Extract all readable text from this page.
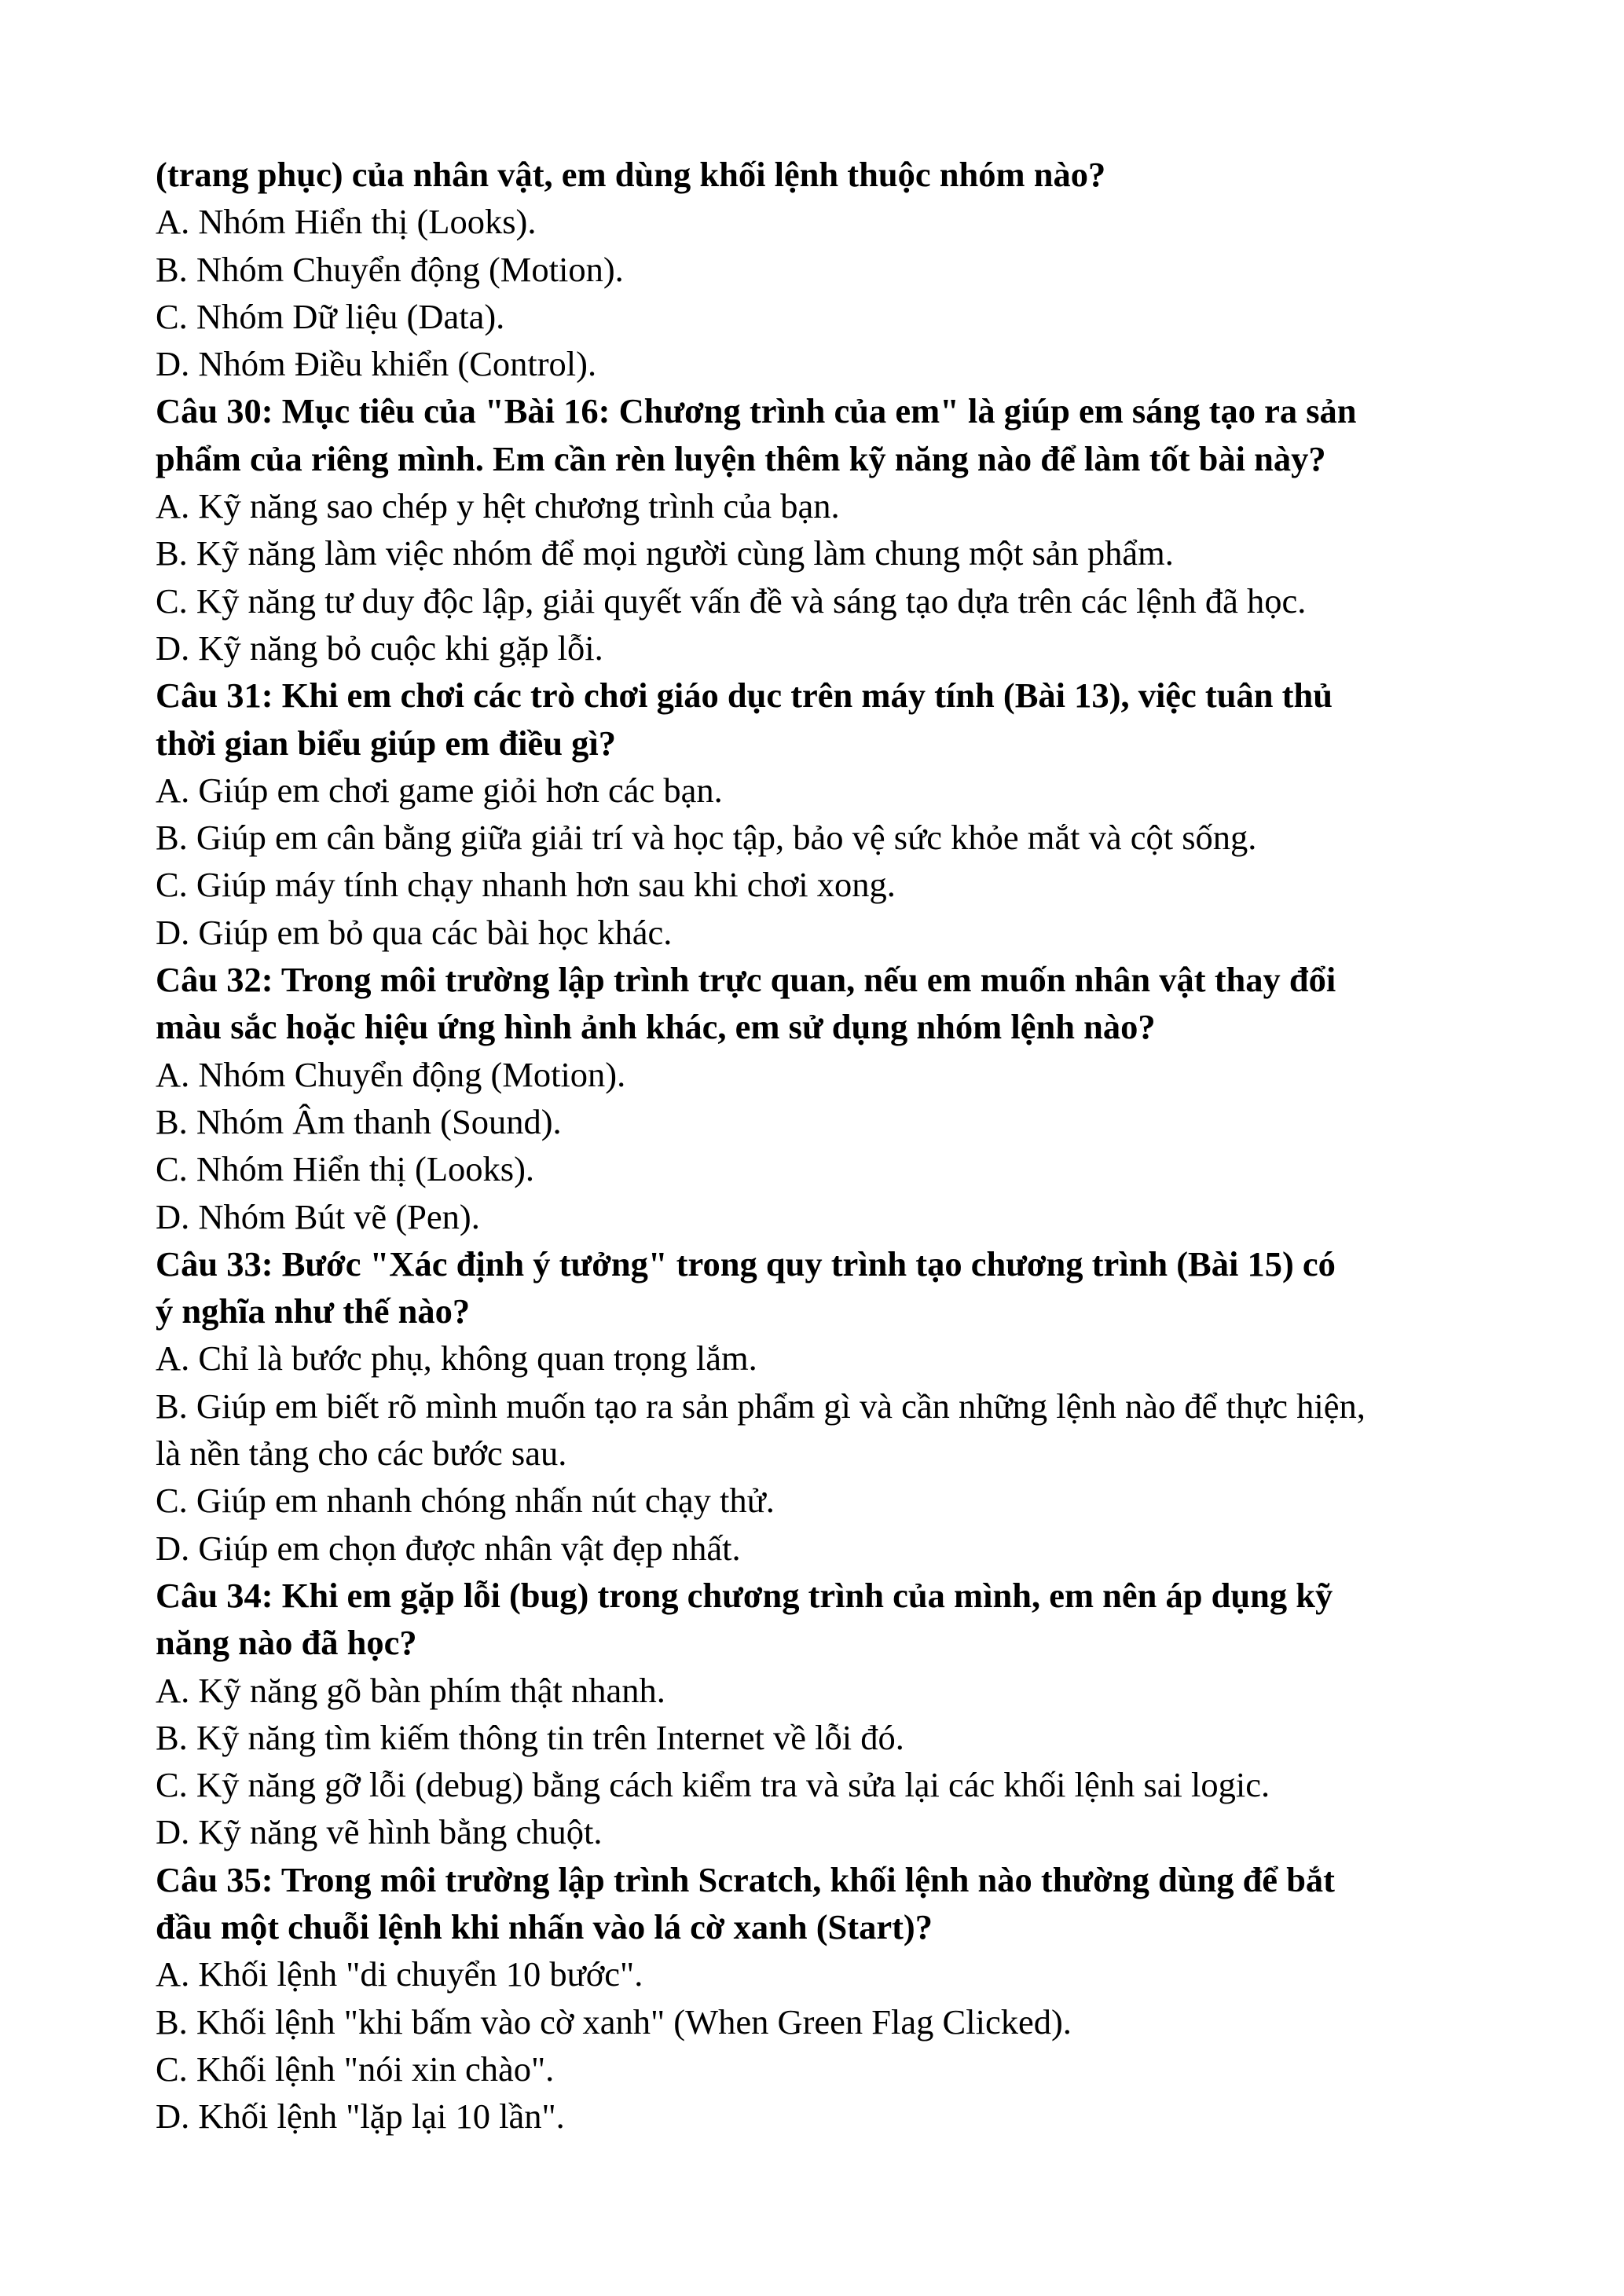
(trang phục) của nhân vật, em dùng khối lệnh thuộc nhóm nào?

A. Nhóm Hiển thị (Looks).

B. Nhóm Chuyển động (Motion).

C. Nhóm Dữ liệu (Data).

D. Nhóm Điều khiển (Control).

Câu 30: Mục tiêu của "Bài 16: Chương trình của em" là giúp em sáng tạo ra sản

phẩm của riêng mình. Em cần rèn luyện thêm kỹ năng nào để làm tốt bài này?

A. Kỹ năng sao chép y hệt chương trình của bạn.

B. Kỹ năng làm việc nhóm để mọi người cùng làm chung một sản phẩm.

C. Kỹ năng tư duy độc lập, giải quyết vấn đề và sáng tạo dựa trên các lệnh đã học.

D. Kỹ năng bỏ cuộc khi gặp lỗi.

Câu 31: Khi em chơi các trò chơi giáo dục trên máy tính (Bài 13), việc tuân thủ

thời gian biểu giúp em điều gì?

A. Giúp em chơi game giỏi hơn các bạn.

B. Giúp em cân bằng giữa giải trí và học tập, bảo vệ sức khỏe mắt và cột sống.

C. Giúp máy tính chạy nhanh hơn sau khi chơi xong.

D. Giúp em bỏ qua các bài học khác.

Câu 32: Trong môi trường lập trình trực quan, nếu em muốn nhân vật thay đổi

màu sắc hoặc hiệu ứng hình ảnh khác, em sử dụng nhóm lệnh nào?

A. Nhóm Chuyển động (Motion).

B. Nhóm Âm thanh (Sound).

C. Nhóm Hiển thị (Looks).

D. Nhóm Bút vẽ (Pen).

Câu 33: Bước "Xác định ý tưởng" trong quy trình tạo chương trình (Bài 15) có

ý nghĩa như thế nào?

A. Chỉ là bước phụ, không quan trọng lắm.

B. Giúp em biết rõ mình muốn tạo ra sản phẩm gì và cần những lệnh nào để thực hiện,

là nền tảng cho các bước sau.

C. Giúp em nhanh chóng nhấn nút chạy thử.

D. Giúp em chọn được nhân vật đẹp nhất.

Câu 34: Khi em gặp lỗi (bug) trong chương trình của mình, em nên áp dụng kỹ

năng nào đã học?

A. Kỹ năng gõ bàn phím thật nhanh.

B. Kỹ năng tìm kiếm thông tin trên Internet về lỗi đó.

C. Kỹ năng gỡ lỗi (debug) bằng cách kiểm tra và sửa lại các khối lệnh sai logic.

D. Kỹ năng vẽ hình bằng chuột.

Câu 35: Trong môi trường lập trình Scratch, khối lệnh nào thường dùng để bắt

đầu một chuỗi lệnh khi nhấn vào lá cờ xanh (Start)?

A. Khối lệnh "di chuyển 10 bước".

B. Khối lệnh "khi bấm vào cờ xanh" (When Green Flag Clicked).

C. Khối lệnh "nói xin chào".

D. Khối lệnh "lặp lại 10 lần".
